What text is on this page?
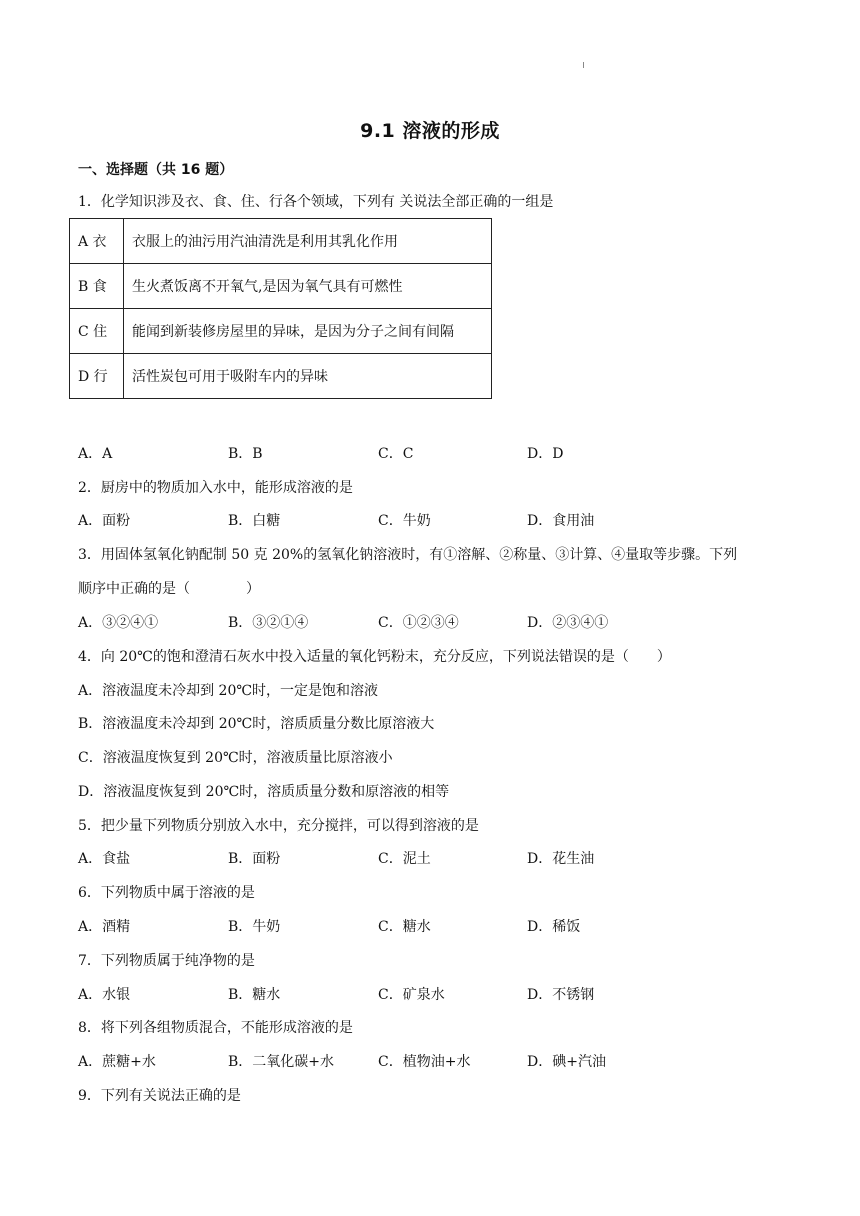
9.1 溶液的形成
一、选择题（共 16 题）
1．化学知识涉及衣、食、住、行各个领域，下列有 关说法全部正确的一组是
A 衣	衣服上的油污用汽油清洗是利用其乳化作用
B 食	生火煮饭离不开氧气,是因为氧气具有可燃性
C 住	能闻到新装修房屋里的异味，是因为分子之间有间隔
D 行	活性炭包可用于吸附车内的异味
A．A	B．B	C．C	D．D
2．厨房中的物质加入水中，能形成溶液的是
A．面粉	B．白糖	C．牛奶	D．食用油
3．用固体氢氧化钠配制 50 克 20%的氢氧化钠溶液时，有①溶解、②称量、③计算、④量取等步骤。下列
顺序中正确的是（　　　　）
A．③②④①	B．③②①④	C．①②③④	D．②③④①
4．向 20℃的饱和澄清石灰水中投入适量的氧化钙粉末，充分反应，下列说法错误的是（　　）
A．溶液温度未冷却到 20℃时，一定是饱和溶液
B．溶液温度未冷却到 20℃时，溶质质量分数比原溶液大
C．溶液温度恢复到 20℃时，溶液质量比原溶液小
D．溶液温度恢复到 20℃时，溶质质量分数和原溶液的相等
5．把少量下列物质分别放入水中，充分搅拌，可以得到溶液的是
A．食盐	B．面粉	C．泥土	D．花生油
6．下列物质中属于溶液的是
A．酒精	B．牛奶	C．糖水	D．稀饭
7．下列物质属于纯净物的是
A．水银	B．糖水	C．矿泉水	D．不锈钢
8．将下列各组物质混合，不能形成溶液的是
A．蔗糖+水	B．二氧化碳+水	C．植物油+水	D．碘+汽油
9．下列有关说法正确的是
